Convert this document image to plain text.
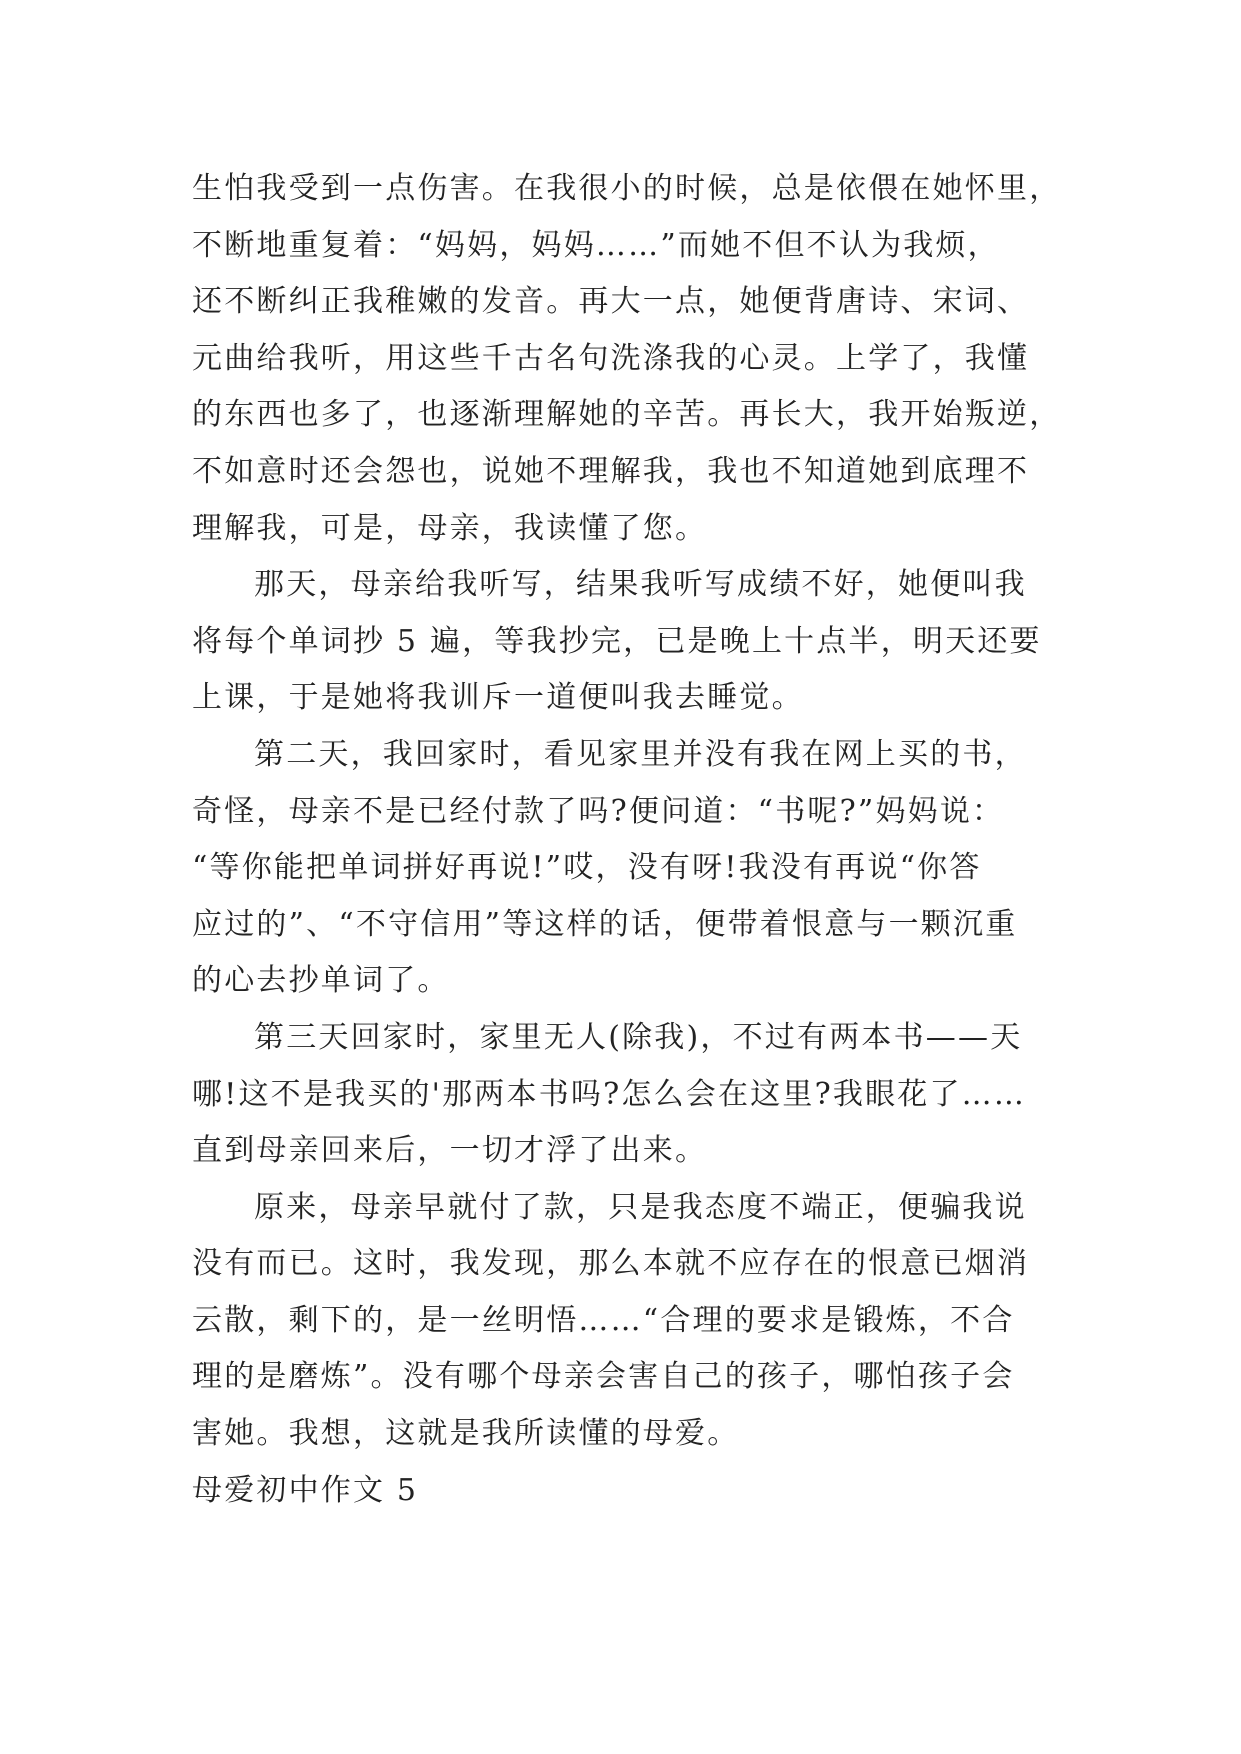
生怕我受到一点伤害。在我很小的时候，总是依偎在她怀里，
不断地重复着：“妈妈，妈妈……”而她不但不认为我烦，
还不断纠正我稚嫩的发音。再大一点，她便背唐诗、宋词、
元曲给我听，用这些千古名句洗涤我的心灵。上学了，我懂
的东西也多了，也逐渐理解她的辛苦。再长大，我开始叛逆，
不如意时还会怨也，说她不理解我，我也不知道她到底理不
理解我，可是，母亲，我读懂了您。
那天，母亲给我听写，结果我听写成绩不好，她便叫我
将每个单词抄 5 遍，等我抄完，已是晚上十点半，明天还要
上课，于是她将我训斥一道便叫我去睡觉。
第二天，我回家时，看见家里并没有我在网上买的书，
奇怪，母亲不是已经付款了吗?便问道：“书呢?”妈妈说：
“等你能把单词拼好再说!”哎，没有呀!我没有再说“你答
应过的”、“不守信用”等这样的话，便带着恨意与一颗沉重
的心去抄单词了。
第三天回家时，家里无人(除我)，不过有两本书——天
哪!这不是我买的'那两本书吗?怎么会在这里?我眼花了……
直到母亲回来后，一切才浮了出来。
原来，母亲早就付了款，只是我态度不端正，便骗我说
没有而已。这时，我发现，那么本就不应存在的恨意已烟消
云散，剩下的，是一丝明悟……“合理的要求是锻炼，不合
理的是磨炼”。没有哪个母亲会害自己的孩子，哪怕孩子会
害她。我想，这就是我所读懂的母爱。
母爱初中作文 5
